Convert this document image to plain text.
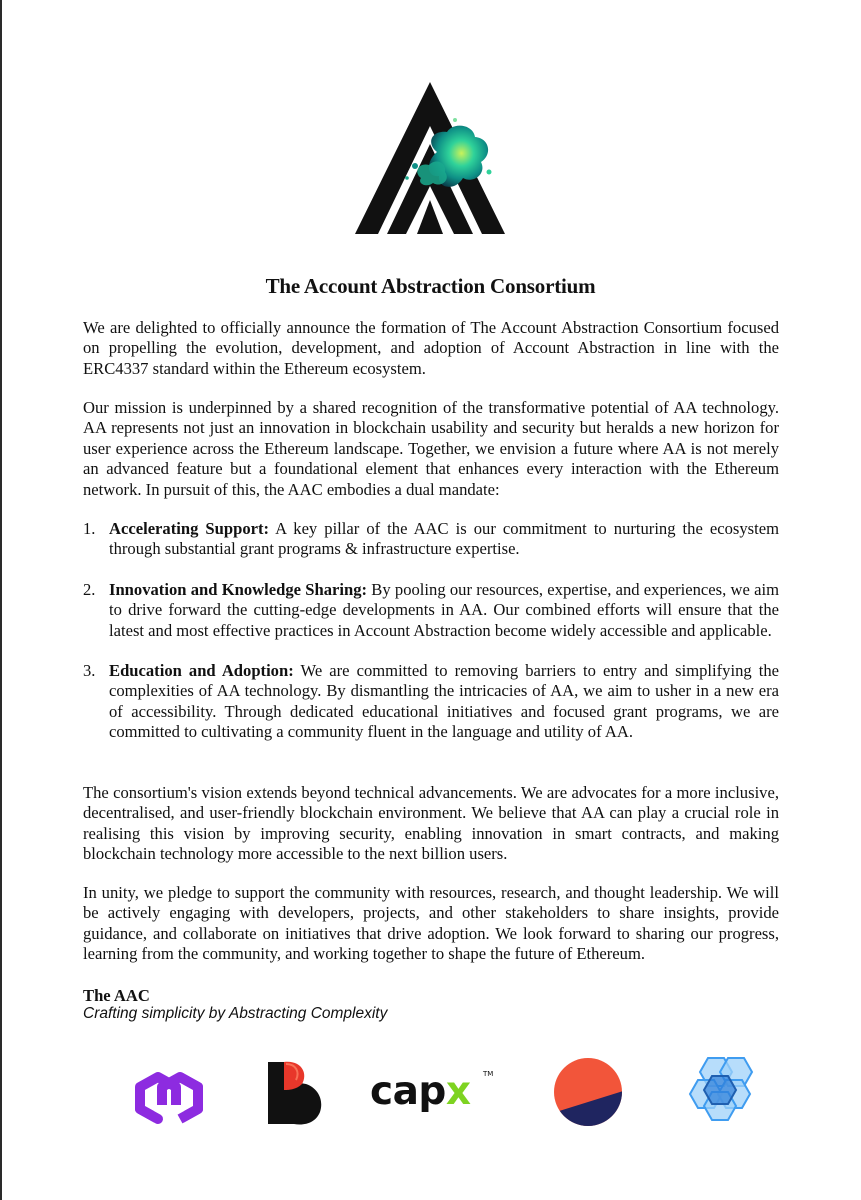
The Account Abstraction Consortium

We are delighted to officially announce the formation of The Account Abstraction Consortium focused on propelling the evolution, development, and adoption of Account Abstraction in line with the ERC4337 standard within the Ethereum ecosystem.

Our mission is underpinned by a shared recognition of the transformative potential of AA technology. AA represents not just an innovation in blockchain usability and security but heralds a new horizon for user experience across the Ethereum landscape. Together, we envision a future where AA is not merely an advanced feature but a foundational element that enhances every interaction with the Ethereum network. In pursuit of this, the AAC embodies a dual mandate:

1. Accelerating Support: A key pillar of the AAC is our commitment to nurturing the ecosystem through substantial grant programs & infrastructure expertise.
2. Innovation and Knowledge Sharing: By pooling our resources, expertise, and experiences, we aim to drive forward the cutting-edge developments in AA. Our combined efforts will ensure that the latest and most effective practices in Account Abstraction become widely accessible and applicable.
3. Education and Adoption: We are committed to removing barriers to entry and simplifying the complexities of AA technology. By dismantling the intricacies of AA, we aim to usher in a new era of accessibility. Through dedicated educational initiatives and focused grant programs, we are committed to cultivating a community fluent in the language and utility of AA.

The consortium's vision extends beyond technical advancements. We are advocates for a more inclusive, decentralised, and user-friendly blockchain environment. We believe that AA can play a crucial role in realising this vision by improving security, enabling innovation in smart contracts, and making blockchain technology more accessible to the next billion users.

In unity, we pledge to support the community with resources, research, and thought leadership. We will be actively engaging with developers, projects, and other stakeholders to share insights, provide guidance, and collaborate on initiatives that drive adoption. We look forward to sharing our progress, learning from the community, and working together to shape the future of Ethereum.

The AAC

Crafting simplicity by Abstracting Complexity

capx TM
